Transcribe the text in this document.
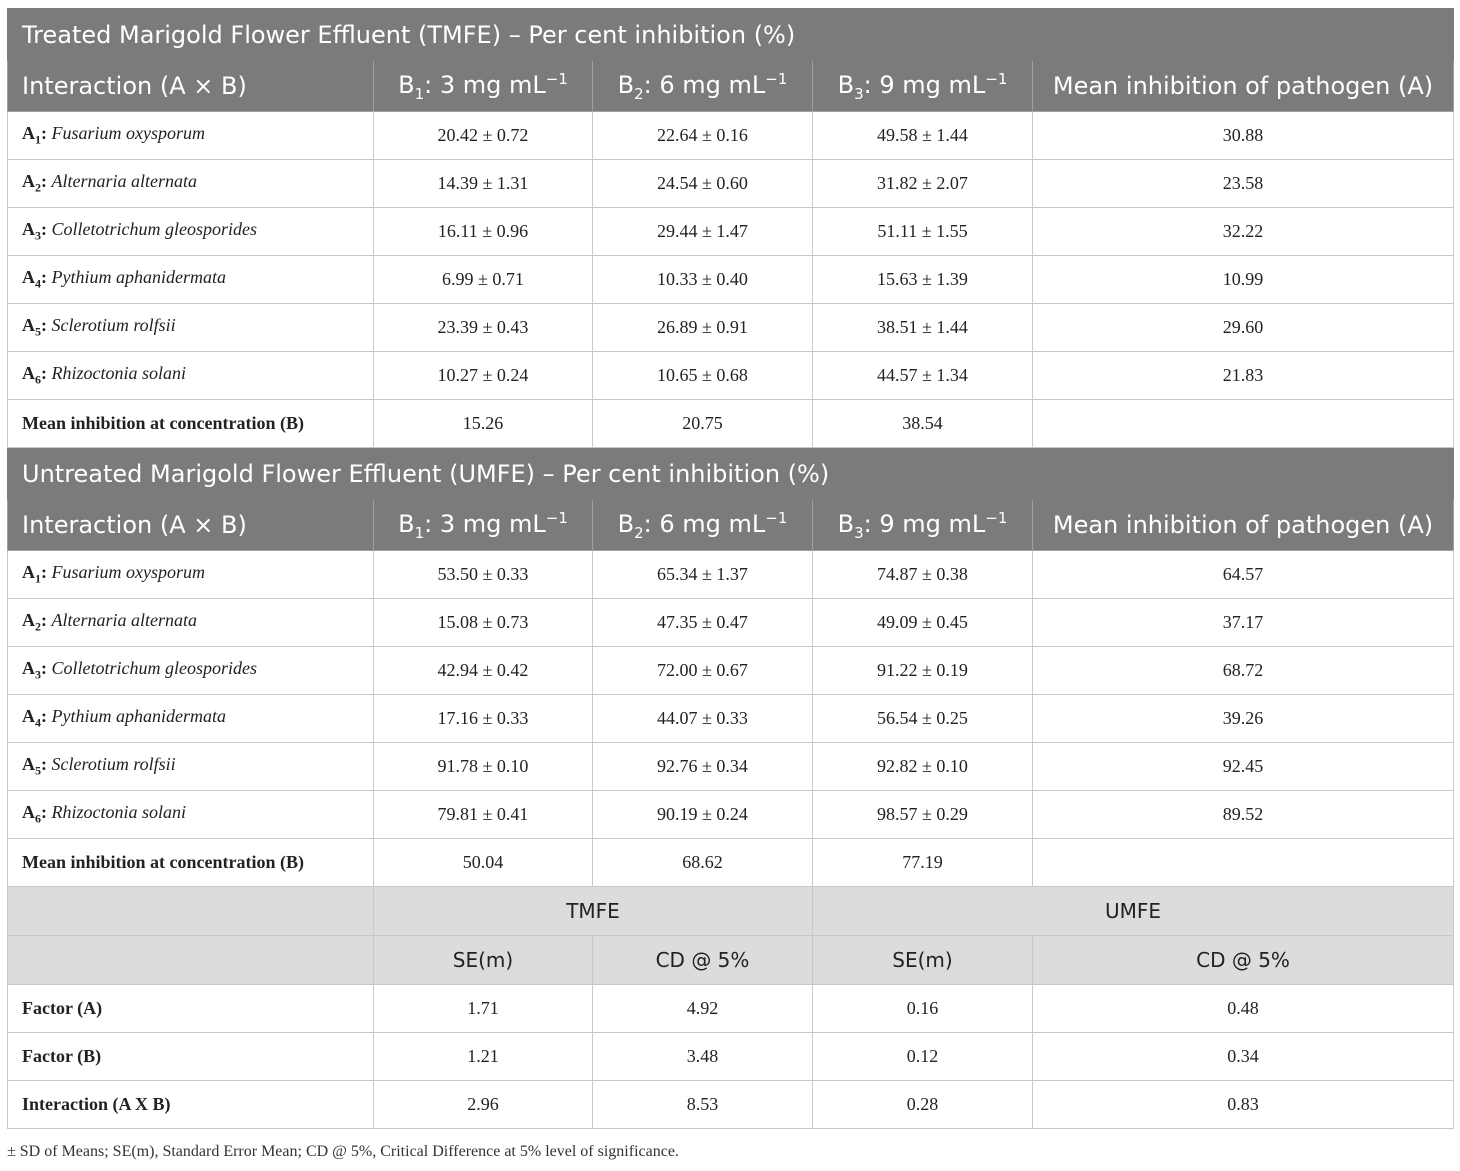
Treated Marigold Flower Effluent (TMFE) – Per cent inhibition (%)				
Interaction (A × B)	$B_1$: 3 mg $mL^{-1}$	$B_2$: 6 mg $mL^{-1}$	$B_3$: 9 mg $mL^{-1}$	Mean inhibition of pathogen (A)
$A_1$: Fusarium oxysporum	20.42 ± 0.72	22.64 ± 0.16	49.58 ± 1.44	30.88
$A_2$: Alternaria alternata	14.39 ± 1.31	24.54 ± 0.60	31.82 ± 2.07	23.58
$A_3$: Colletotrichum gleosporides	16.11 ± 0.96	29.44 ± 1.47	51.11 ± 1.55	32.22
$A_4$: Pythium aphanidermata	6.99 ± 0.71	10.33 ± 0.40	15.63 ± 1.39	10.99
$A_5$: Sclerotium rolfsii	23.39 ± 0.43	26.89 ± 0.91	38.51 ± 1.44	29.60
$A_6$: Rhizoctonia solani	10.27 ± 0.24	10.65 ± 0.68	44.57 ± 1.34	21.83
Mean inhibition at concentration (B)	15.26	20.75	38.54	
Untreated Marigold Flower Effluent (UMFE) – Per cent inhibition (%)				
Interaction (A × B)	$B_1$: 3 mg $mL^{-1}$	$B_2$: 6 mg $mL^{-1}$	$B_3$: 9 mg $mL^{-1}$	Mean inhibition of pathogen (A)
$A_1$: Fusarium oxysporum	53.50 ± 0.33	65.34 ± 1.37	74.87 ± 0.38	64.57
$A_2$: Alternaria alternata	15.08 ± 0.73	47.35 ± 0.47	49.09 ± 0.45	37.17
$A_3$: Colletotrichum gleosporides	42.94 ± 0.42	72.00 ± 0.67	91.22 ± 0.19	68.72
$A_4$: Pythium aphanidermata	17.16 ± 0.33	44.07 ± 0.33	56.54 ± 0.25	39.26
$A_5$: Sclerotium rolfsii	91.78 ± 0.10	92.76 ± 0.34	92.82 ± 0.10	92.45
$A_6$: Rhizoctonia solani	79.81 ± 0.41	90.19 ± 0.24	98.57 ± 0.29	89.52
Mean inhibition at concentration (B)	50.04	68.62	77.19	
	TMFE		UMFE	
	SE(m)	CD @ 5%	SE(m)	CD @ 5%
Factor (A)	1.71	4.92	0.16	0.48
Factor (B)	1.21	3.48	0.12	0.34
Interaction (A X B)	2.96	8.53	0.28	0.83
± SD of Means; SE(m), Standard Error Mean; CD @ 5%, Critical Difference at 5% level of significance.
